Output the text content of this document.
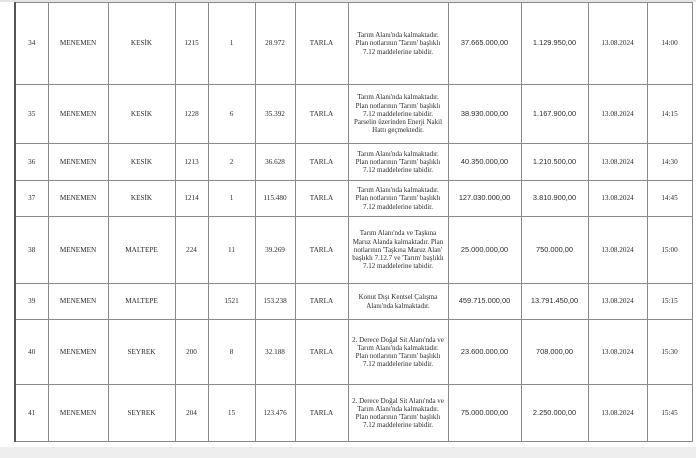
34	MENEMEN	KESİK	1215	1	28.972	TARLA	Tarım Alanı'nda kalmaktadır. Plan notlarının 'Tarım' başlıklı 7.12 maddelerine tabidir.	37.665.000,00	1.129.950,00	13.08.2024	14:00
35	MENEMEN	KESİK	1228	6	35.392	TARLA	Tarım Alanı'nda kalmaktadır. Plan notlarının 'Tarım' başlıklı 7.12 maddelerine tabidir. Parselin üzerinden Enerji Nakil Hattı geçmektedir.	38.930.000,00	1.167.900,00	13.08.2024	14:15
36	MENEMEN	KESİK	1213	2	36.628	TARLA	Tarım Alanı'nda kalmaktadır. Plan notlarının 'Tarım' başlıklı 7.12 maddelerine tabidir.	40.350.000,00	1.210.500,00	13.08.2024	14:30
37	MENEMEN	KESİK	1214	1	115.480	TARLA	Tarım Alanı'nda kalmaktadır. Plan notlarının 'Tarım' başlıklı 7.12 maddelerine tabidir.	127.030.000,00	3.810.900,00	13.08.2024	14:45
38	MENEMEN	MALTEPE	224	11	39.269	TARLA	Tarım Alanı'nda ve Taşkına Maruz Alanda kalmaktadır. Plan notlarının 'Taşkına Maruz Alan' başlıklı 7.12.7 ve 'Tarım' başlıklı 7.12 maddelerine tabidir.	25.000.000,00	750.000,00	13.08.2024	15:00
39	MENEMEN	MALTEPE		1521	153.238	TARLA	Konut Dışı Kentsel Çalışma Alanı'nda kalmaktadır.	459.715.000,00	13.791.450,00	13.08.2024	15:15
40	MENEMEN	SEYREK	200	8	32.188	TARLA	2. Derece Doğal Sit Alanı'nda ve Tarım Alanı'nda kalmaktadır. Plan notlarının 'Tarım' başlıklı 7.12 maddelerine tabidir.	23.600.000,00	708.000,00	13.08.2024	15:30
41	MENEMEN	SEYREK	204	15	123.476	TARLA	2. Derece Doğal Sit Alanı'nda ve Tarım Alanı'nda kalmaktadır. Plan notlarının 'Tarım' başlıklı 7.12 maddelerine tabidir.	75.000.000,00	2.250.000,00	13.08.2024	15:45
